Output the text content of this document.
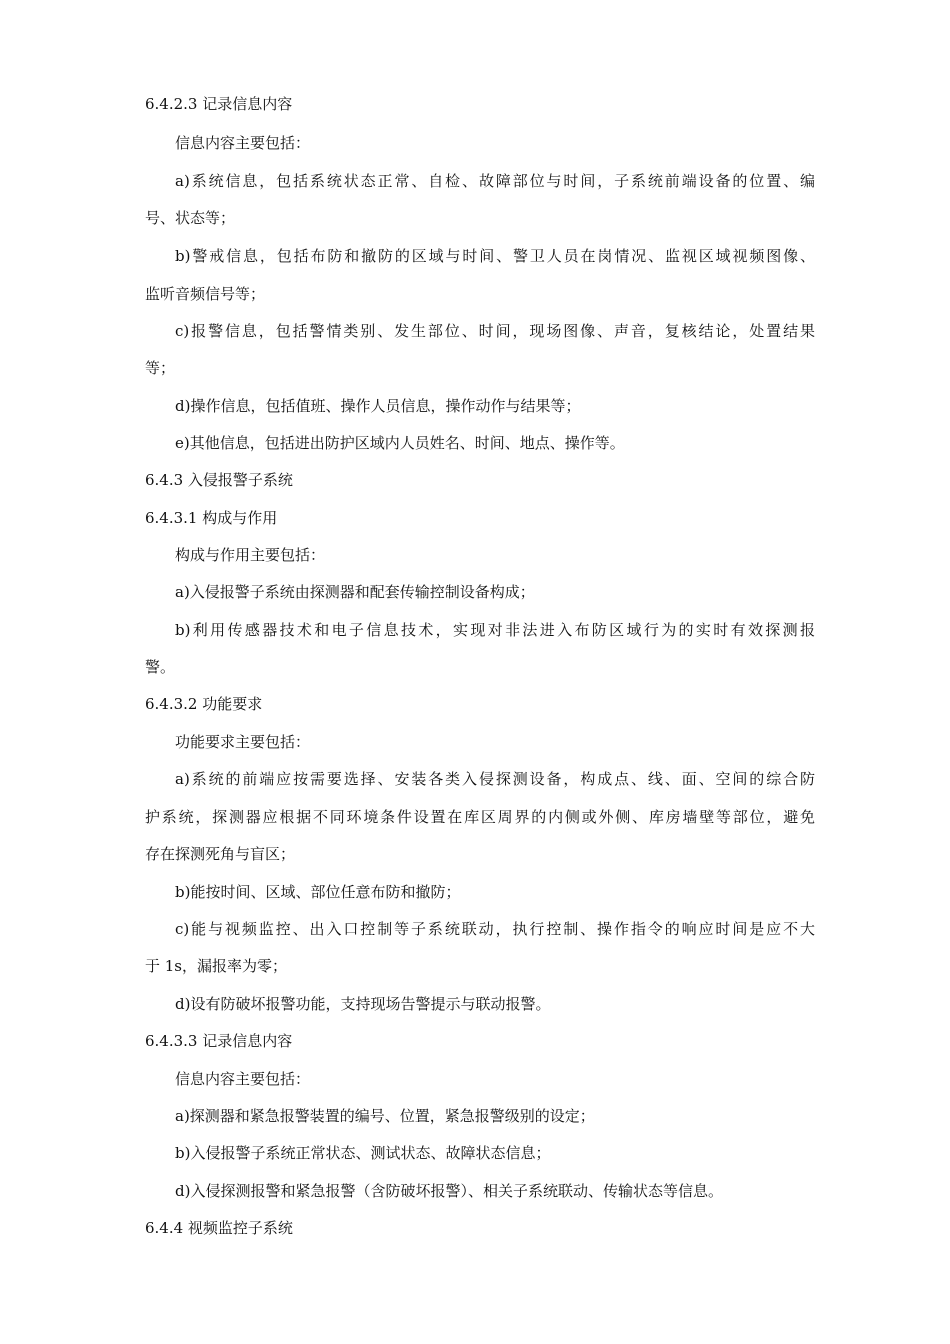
6.4.2.3 记录信息内容
信息内容主要包括：
a)系统信息，包括系统状态正常、自检、故障部位与时间，子系统前端设备的位置、编
号、状态等；
b)警戒信息，包括布防和撤防的区域与时间、警卫人员在岗情况、监视区域视频图像、
监听音频信号等；
c)报警信息，包括警情类别、发生部位、时间，现场图像、声音，复核结论，处置结果
等；
d)操作信息，包括值班、操作人员信息，操作动作与结果等；
e)其他信息，包括进出防护区域内人员姓名、时间、地点、操作等。
6.4.3 入侵报警子系统
6.4.3.1 构成与作用
构成与作用主要包括：
a)入侵报警子系统由探测器和配套传输控制设备构成；
b)利用传感器技术和电子信息技术，实现对非法进入布防区域行为的实时有效探测报
警。
6.4.3.2 功能要求
功能要求主要包括：
a)系统的前端应按需要选择、安装各类入侵探测设备，构成点、线、面、空间的综合防
护系统，探测器应根据不同环境条件设置在库区周界的内侧或外侧、库房墙壁等部位，避免
存在探测死角与盲区；
b)能按时间、区域、部位任意布防和撤防；
c)能与视频监控、出入口控制等子系统联动，执行控制、操作指令的响应时间是应不大
于 1s，漏报率为零；
d)设有防破坏报警功能，支持现场告警提示与联动报警。
6.4.3.3 记录信息内容
信息内容主要包括：
a)探测器和紧急报警装置的编号、位置，紧急报警级别的设定；
b)入侵报警子系统正常状态、测试状态、故障状态信息；
d)入侵探测报警和紧急报警（含防破坏报警）、相关子系统联动、传输状态等信息。
6.4.4 视频监控子系统
